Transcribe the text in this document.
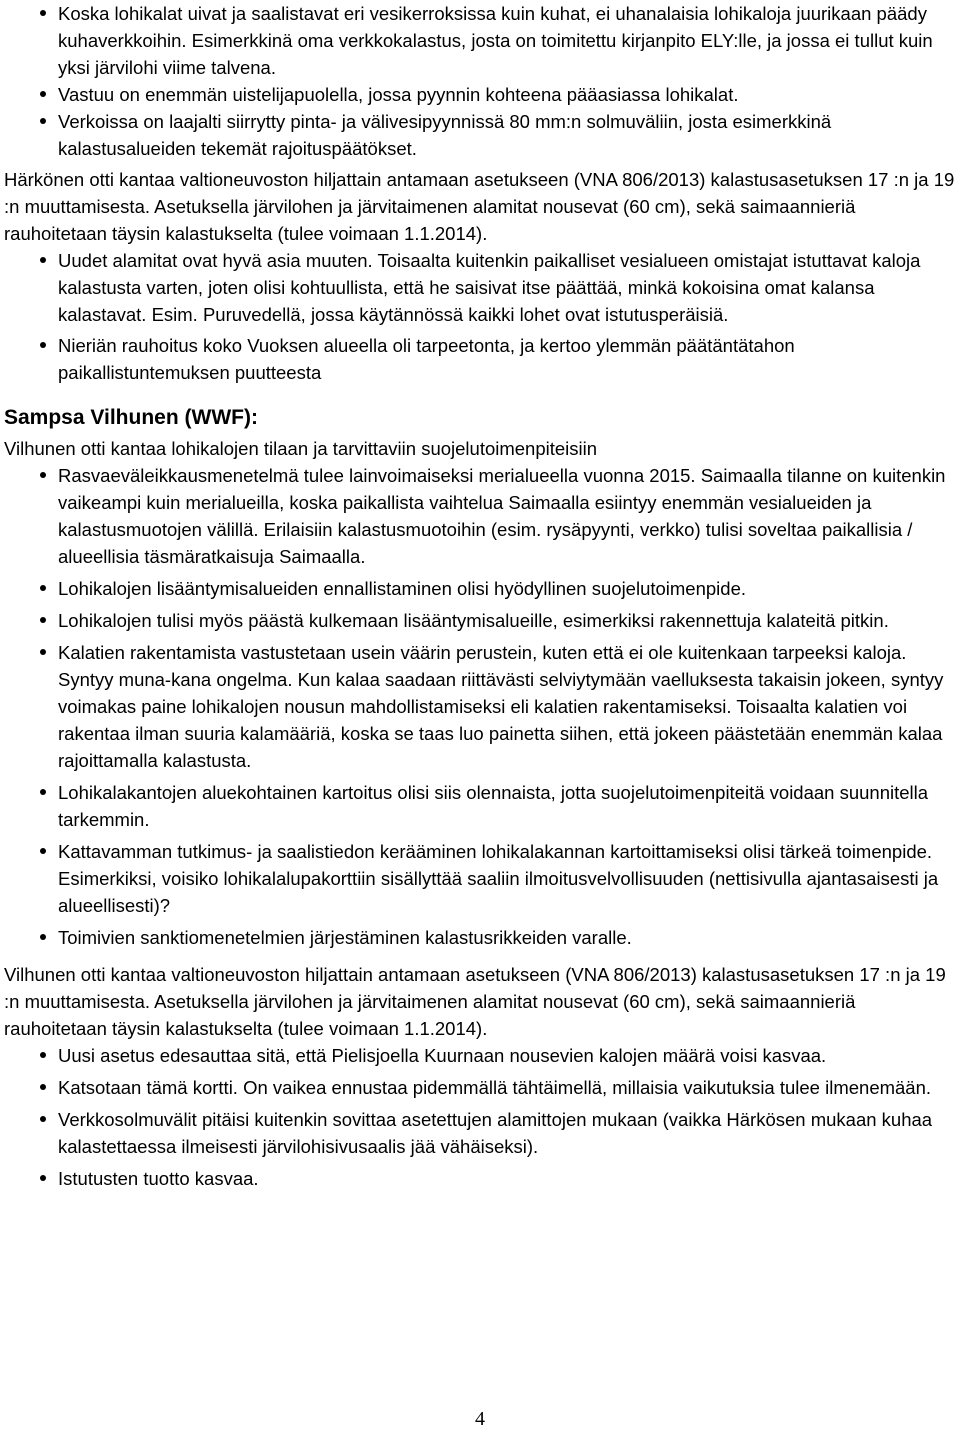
Koska lohikalat uivat ja saalistavat eri vesikerroksissa kuin kuhat, ei uhanalaisia lohikaloja juurikaan päädy kuhaverkkoihin. Esimerkkinä oma verkkokalastus, josta on toimitettu kirjanpito ELY:lle, ja jossa ei tullut kuin yksi järvilohi viime talvena.
Vastuu on enemmän uistelijapuolella, jossa pyynnin kohteena pääasiassa lohikalat.
Verkoissa on laajalti siirrytty pinta- ja välivesipyynnissä 80 mm:n solmuväliin, josta esimerkkinä kalastusalueiden tekemät rajoituspäätökset.

Härkönen otti kantaa valtioneuvoston hiljattain antamaan asetukseen (VNA 806/2013) kalastusasetuksen 17 :n ja 19 :n muuttamisesta. Asetuksella järvilohen ja järvitaimenen alamitat nousevat (60 cm), sekä saimaannieriä rauhoitetaan täysin kalastukselta (tulee voimaan 1.1.2014).

Uudet alamitat ovat hyvä asia muuten. Toisaalta kuitenkin paikalliset vesialueen omistajat istuttavat kaloja kalastusta varten, joten olisi kohtuullista, että he saisivat itse päättää, minkä kokoisina omat kalansa kalastavat. Esim. Puruvedellä, jossa käytännössä kaikki lohet ovat istutusperäisiä.
Nieriän rauhoitus koko Vuoksen alueella oli tarpeetonta, ja kertoo ylemmän päätäntätahon paikallistuntemuksen puutteesta
Sampsa Vilhunen (WWF):

Vilhunen otti kantaa lohikalojen tilaan ja tarvittaviin suojelutoimenpiteisiin

Rasvaeväleikkausmenetelmä tulee lainvoimaiseksi merialueella vuonna 2015. Saimaalla tilanne on kuitenkin vaikeampi kuin merialueilla, koska paikallista vaihtelua Saimaalla esiintyy enemmän vesialueiden ja kalastusmuotojen välillä. Erilaisiin kalastusmuotoihin (esim. rysäpyynti, verkko) tulisi soveltaa paikallisia / alueellisia täsmäratkaisuja Saimaalla.
Lohikalojen lisääntymisalueiden ennallistaminen olisi hyödyllinen suojelutoimenpide.
Lohikalojen tulisi myös päästä kulkemaan lisääntymisalueille, esimerkiksi rakennettuja kalateitä pitkin.
Kalatien rakentamista vastustetaan usein väärin perustein, kuten että ei ole kuitenkaan tarpeeksi kaloja. Syntyy muna-kana ongelma. Kun kalaa saadaan riittävästi selviytymään vaelluksesta takaisin jokeen, syntyy voimakas paine lohikalojen nousun mahdollistamiseksi eli kalatien rakentamiseksi. Toisaalta kalatien voi rakentaa ilman suuria kalamääriä, koska se taas luo painetta siihen, että jokeen päästetään enemmän kalaa rajoittamalla kalastusta.
Lohikalakantojen aluekohtainen kartoitus olisi siis olennaista, jotta suojelutoimenpiteitä voidaan suunnitella tarkemmin.
Kattavamman tutkimus- ja saalistiedon kerääminen lohikalakannan kartoittamiseksi olisi tärkeä toimenpide. Esimerkiksi, voisiko lohikalalupakorttiin sisällyttää saaliin ilmoitusvelvollisuuden (nettisivulla ajantasaisesti ja alueellisesti)?
Toimivien sanktiomenetelmien järjestäminen kalastusrikkeiden varalle.

Vilhunen otti kantaa valtioneuvoston hiljattain antamaan asetukseen (VNA 806/2013) kalastusasetuksen 17 :n ja 19 :n muuttamisesta. Asetuksella järvilohen ja järvitaimenen alamitat nousevat (60 cm), sekä saimaannieriä rauhoitetaan täysin kalastukselta (tulee voimaan 1.1.2014).

Uusi asetus edesauttaa sitä, että Pielisjoella Kuurnaan nousevien kalojen määrä voisi kasvaa.
Katsotaan tämä kortti. On vaikea ennustaa pidemmällä tähtäimellä, millaisia vaikutuksia tulee ilmenemään.
Verkkosolmuvälit pitäisi kuitenkin sovittaa asetettujen alamittojen mukaan (vaikka Härkösen mukaan kuhaa kalastettaessa ilmeisesti järvilohisivusaalis jää vähäiseksi).
Istutusten tuotto kasvaa.
4
